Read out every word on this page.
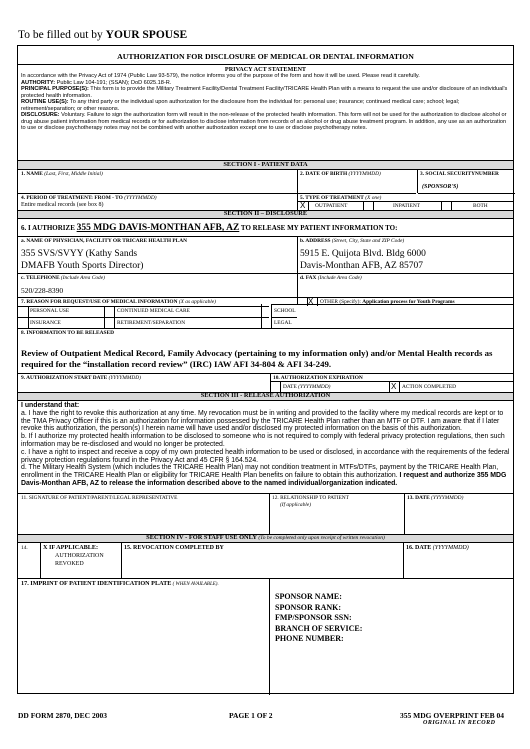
To be filled out by YOUR SPOUSE
AUTHORIZATION FOR DISCLOSURE OF MEDICAL OR DENTAL INFORMATION
PRIVACY ACT STATEMENT

In accordance with the Privacy Act of 1974 (Public Law 93-579), the notice informs you of the purpose of the form and how it will be used. Please read it carefully.

AUTHORITY: Public Law 104-191; (SSAN); DoD 6025.18-R.

PRINCIPAL PURPOSE(S): This form is to provide the Military Treatment Facility/Dental Treatment Facility/TRICARE Health Plan with a means to request the use and/or disclosure of an individual's protected health information.

ROUTINE USE(S): To any third party or the individual upon authorization for the disclosure from the individual for: personal use; insurance; continued medical care; school; legal; retirement/separation; or other reasons.

DISCLOSURE: Voluntary. Failure to sign the authorization form will result in the non-release of the protected health information. This form will not be used for the authorization to disclose alcohol or drug abuse patient information from medical records or for authorization to disclose information from records of an alcohol or drug abuse treatment program. In addition, any use as an authorization to use or disclose psychotherapy notes may not be combined with another authorization except one to use or disclose psychotherapy notes.

SECTION I - PATIENT DATA
1. NAME (Last, First, Middle Initial)	2. DATE OF BIRTH (YYYYMMDD)	3. SOCIAL SECURITYNUMBER
(SPONSOR'S)
4. PERIOD OF TREATMENT: FROM - TO (YYYYMMDD)
Entire medical records (see box 8)
5. TYPE OF TREATMENT (X one)
X OUTPATIENT	INPATIENT	BOTH
SECTION II – DISCLOSURE
6. I AUTHORIZE 355 MDG DAVIS-MONTHAN AFB, AZ TO RELEASE MY PATIENT INFORMATION TO:
a. NAME OF PHYSICIAN, FACILITY OR TRICARE HEALTH PLAN
355 SVS/SVYY (Kathy Sands
DMAFB Youth Sports Director)
b. ADDRESS (Street, City, State and ZIP Code)
5915 E. Quijota Blvd. Bldg 6000
Davis-Monthan AFB, AZ 85707
c. TELEPHONE (Include Area Code)
520/228-8390
d. FAX (Include Area Code)
7. REASON FOR REQUEST/USE OF MEDICAL INFORMATION (X as applicable)	X OTHER (Specify): Application process for Youth Programs
PERSONAL USE	CONTINUED MEDICAL CARE	SCHOOL
INSURANCE	RETIREMENT/SEPARATION	LEGAL
8. INFORMATION TO BE RELEASED
Review of Outpatient Medical Record, Family Advocacy (pertaining to my information only) and/or Mental Health records as required for the “installation record review” (IRC) IAW AFI 34-804 & AFI 34-249.
9. AUTHORIZATION START DATE (YYYYMMDD)	10. AUTHORIZATION EXPIRATION
DATE (YYYYMMDD)	X ACTION COMPLETED
SECTION III - RELEASE AUTHORIZATION

I understand that:

a. I have the right to revoke this authorization at any time. My revocation must be in writing and provided to the facility where my medical records are kept or to the TMA Privacy Officer if this is an authorization for information possessed by the TRICARE Health Plan rather than an MTF or DTF. I am aware that if I later revoke this authorization, the person(s) I herein name will have used and/or disclosed my protected information on the basis of this authorization.

b. If I authorize my protected health information to be disclosed to someone who is not required to comply with federal privacy protection regulations, then such information may be re-disclosed and would no longer be protected.

c. I have a right to inspect and receive a copy of my own protected health information to be used or disclosed, in accordance with the requirements of the federal privacy protection regulations found in the Privacy Act and 45 CFR § 164.524.

d. The Military Health System (which includes the TRICARE Health Plan) may not condition treatment in MTFs/DTFs, payment by the TRICARE Health Plan, enrollment in the TRICARE Health Plan or eligibility for TRICARE Health Plan benefits on failure to obtain this authorization. I request and authorize 355 MDG Davis-Monthan AFB, AZ to release the information described above to the named individual/organization indicated.

11. SIGNATURE OF PATIENT/PARENT/LEGAL REPRESENTATIVE	12. RELATIONSHIP TO PATIENT
(If applicable)
13. DATE (YYYYMMDD)
SECTION IV - FOR STAFF USE ONLY (To be completed only upon receipt of written revocation)
14. X IF APPLICABLE:
AUTHORIZATION
REVOKED
15. REVOCATION COMPLETED BY	16. DATE (YYYYMMDD)
17. IMPRINT OF PATIENT IDENTIFICATION PLATE ( WHEN AVAILABLE).
SPONSOR NAME:
SPONSOR RANK:
FMP/SPONSOR SSN:
BRANCH OF SERVICE:
PHONE NUMBER:
DD FORM 2870, DEC 2003	PAGE 1 OF 2	355 MDG OVERPRINT FEB 04
ORIGINAL IN RECORD
